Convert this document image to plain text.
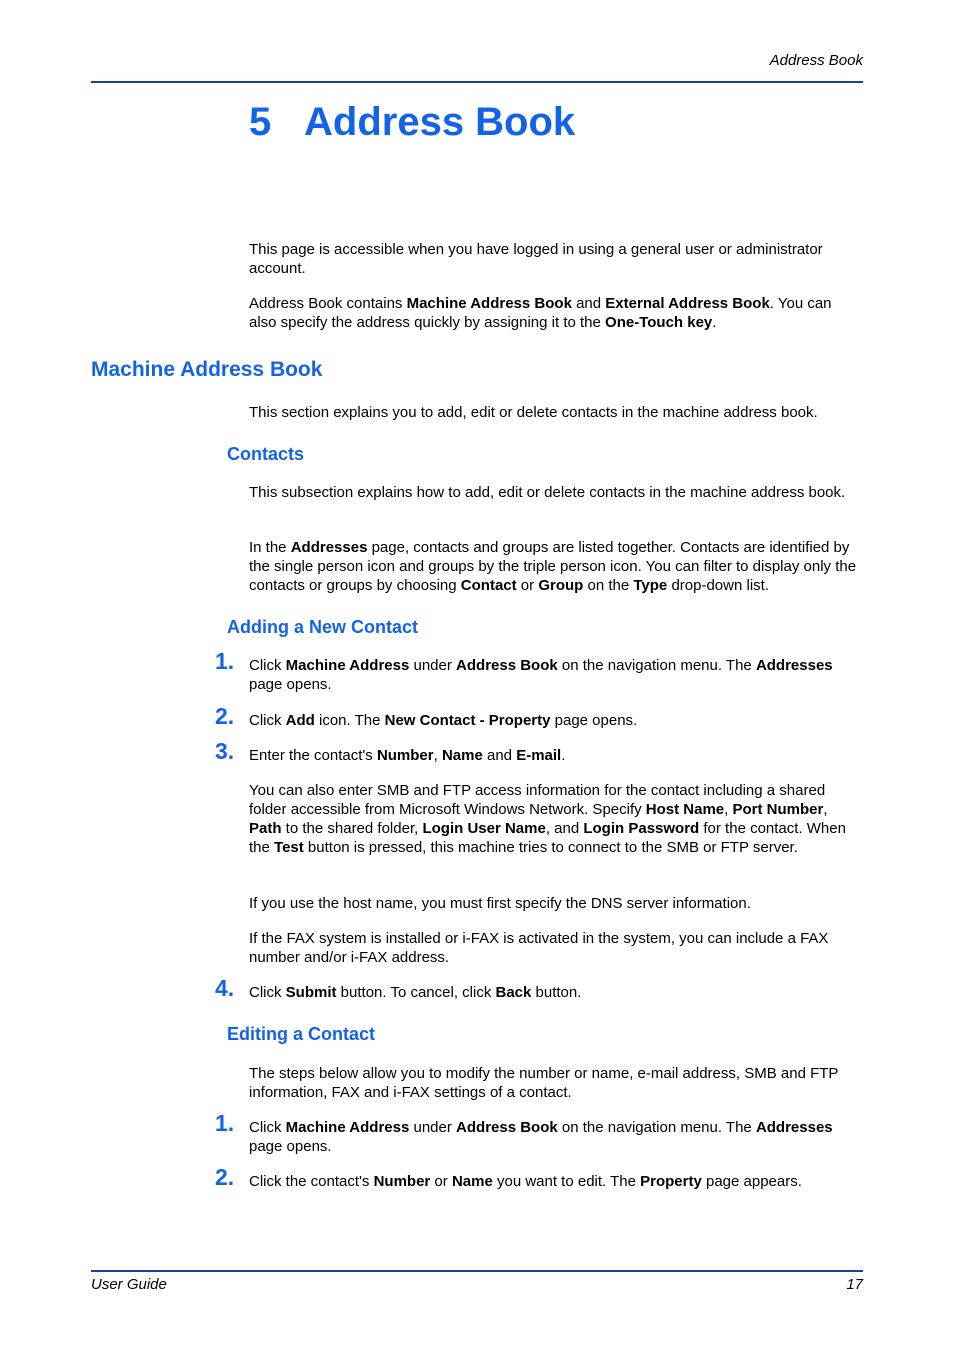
Address Book
5 Address Book

This page is accessible when you have logged in using a general user or administrator account.

Address Book contains Machine Address Book and External Address Book. You can also specify the address quickly by assigning it to the One-Touch key.

Machine Address Book

This section explains you to add, edit or delete contacts in the machine address book.

Contacts

This subsection explains how to add, edit or delete contacts in the machine address book.

In the Addresses page, contacts and groups are listed together. Contacts are identified by the single person icon and groups by the triple person icon. You can filter to display only the contacts or groups by choosing Contact or Group on the Type drop-down list.

Adding a New Contact
1. Click Machine Address under Address Book on the navigation menu. The Addresses page opens.

2. Click Add icon. The New Contact - Property page opens.

3. Enter the contact's Number, Name and E-mail.

You can also enter SMB and FTP access information for the contact including a shared folder accessible from Microsoft Windows Network. Specify Host Name, Port Number, Path to the shared folder, Login User Name, and Login Password for the contact. When the Test button is pressed, this machine tries to connect to the SMB or FTP server.

If you use the host name, you must first specify the DNS server information.

If the FAX system is installed or i-FAX is activated in the system, you can include a FAX number and/or i-FAX address.

4. Click Submit button. To cancel, click Back button.

Editing a Contact

The steps below allow you to modify the number or name, e-mail address, SMB and FTP information, FAX and i-FAX settings of a contact.

1. Click Machine Address under Address Book on the navigation menu. The Addresses page opens.

2. Click the contact's Number or Name you want to edit. The Property page appears.

User Guide	17
